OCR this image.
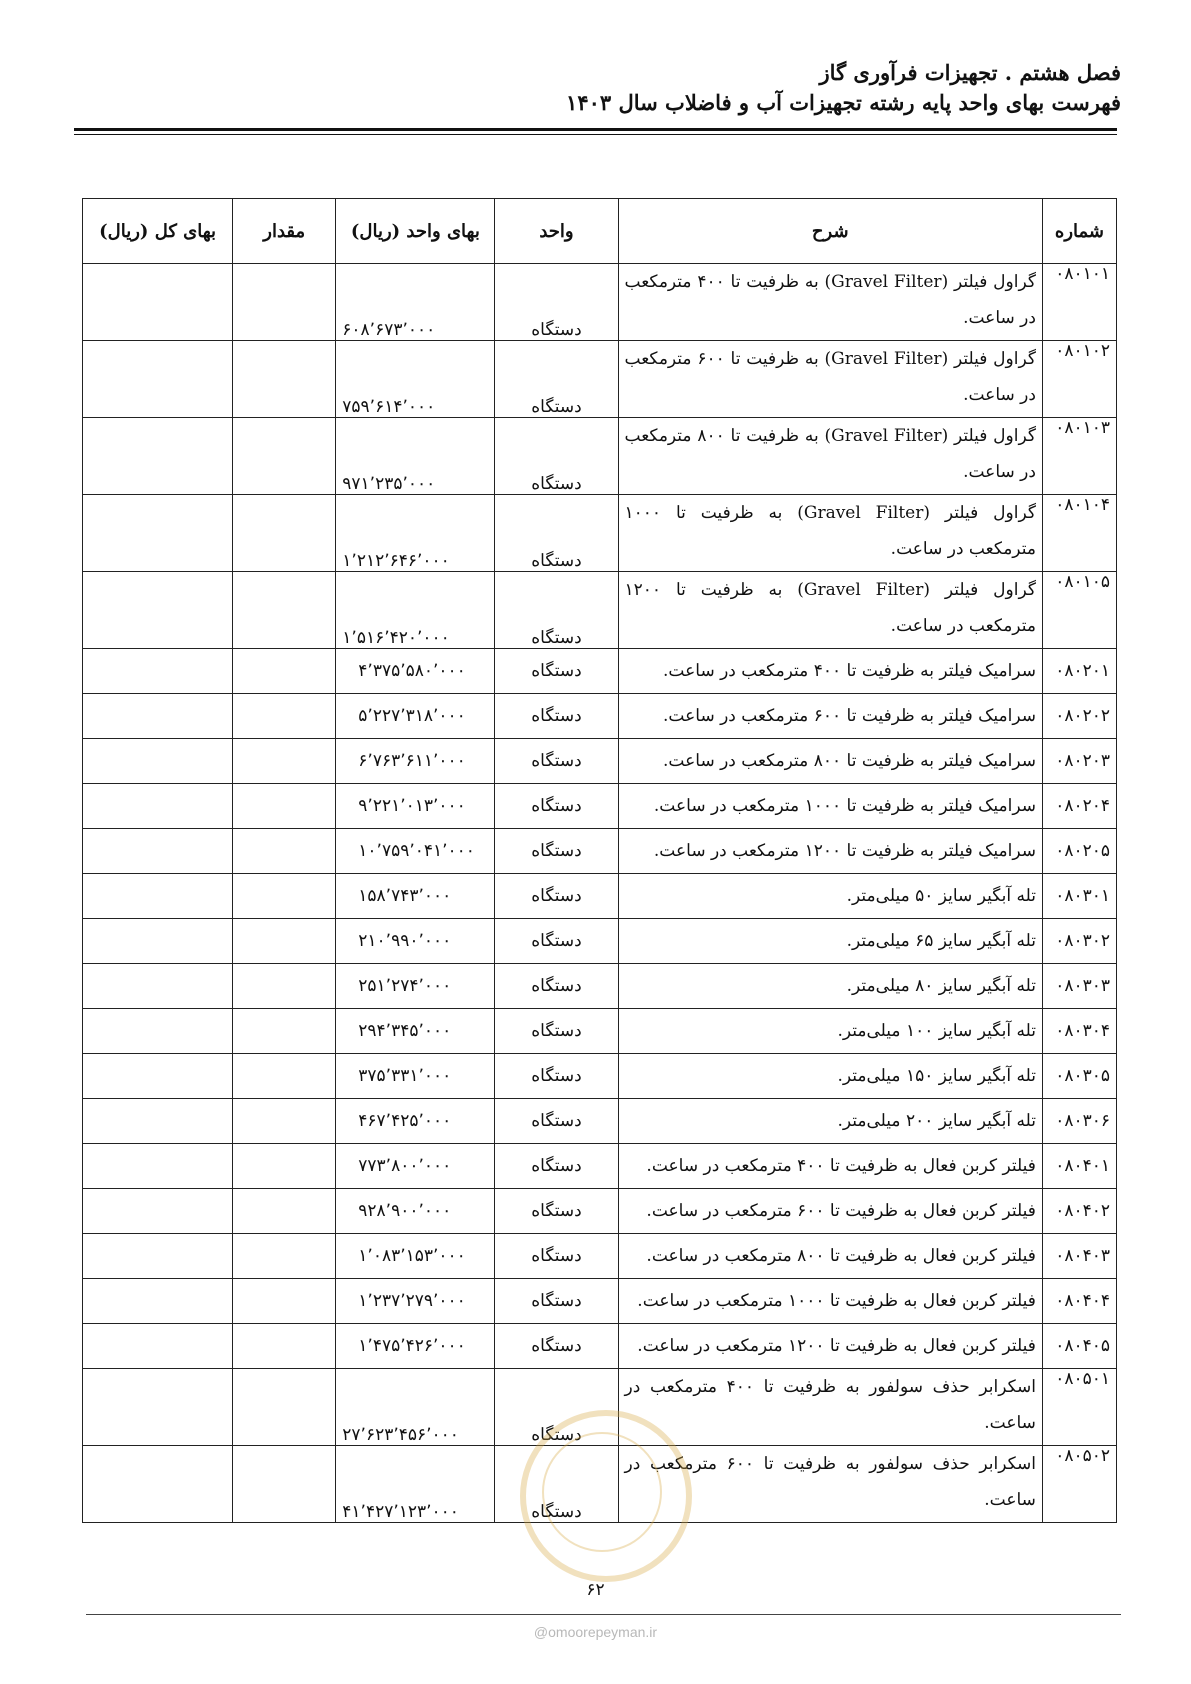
فصل هشتم . تجهیزات فرآوری گاز
فهرست بهای واحد پایه رشته تجهیزات آب و فاضلاب سال ۱۴۰۳
شماره	شرح	واحد	بهای واحد (ریال)	مقدار	بهای کل (ریال)
۰۸۰۱۰۱	گراول فیلتر (Gravel Filter) به ظرفیت تا ۴۰۰ مترمکعب در ساعت.	دستگاه	۶۰۸٬۶۷۳٬۰۰۰		
۰۸۰۱۰۲	گراول فیلتر (Gravel Filter) به ظرفیت تا ۶۰۰ مترمکعب در ساعت.	دستگاه	۷۵۹٬۶۱۴٬۰۰۰		
۰۸۰۱۰۳	گراول فیلتر (Gravel Filter) به ظرفیت تا ۸۰۰ مترمکعب در ساعت.	دستگاه	۹۷۱٬۲۳۵٬۰۰۰		
۰۸۰۱۰۴	گراول فیلتر (Gravel Filter) به ظرفیت تا ۱۰۰۰ مترمکعب در ساعت.	دستگاه	۱٬۲۱۲٬۶۴۶٬۰۰۰		
۰۸۰۱۰۵	گراول فیلتر (Gravel Filter) به ظرفیت تا ۱۲۰۰ مترمکعب در ساعت.	دستگاه	۱٬۵۱۶٬۴۲۰٬۰۰۰		
۰۸۰۲۰۱	سرامیک فیلتر به ظرفیت تا ۴۰۰ مترمکعب در ساعت.	دستگاه	۴٬۳۷۵٬۵۸۰٬۰۰۰		
۰۸۰۲۰۲	سرامیک فیلتر به ظرفیت تا ۶۰۰ مترمکعب در ساعت.	دستگاه	۵٬۲۲۷٬۳۱۸٬۰۰۰		
۰۸۰۲۰۳	سرامیک فیلتر به ظرفیت تا ۸۰۰ مترمکعب در ساعت.	دستگاه	۶٬۷۶۳٬۶۱۱٬۰۰۰		
۰۸۰۲۰۴	سرامیک فیلتر به ظرفیت تا ۱۰۰۰ مترمکعب در ساعت.	دستگاه	۹٬۲۲۱٬۰۱۳٬۰۰۰		
۰۸۰۲۰۵	سرامیک فیلتر به ظرفیت تا ۱۲۰۰ مترمکعب در ساعت.	دستگاه	۱۰٬۷۵۹٬۰۴۱٬۰۰۰		
۰۸۰۳۰۱	تله آبگیر سایز ۵۰ میلی‌متر.	دستگاه	۱۵۸٬۷۴۳٬۰۰۰		
۰۸۰۳۰۲	تله آبگیر سایز ۶۵ میلی‌متر.	دستگاه	۲۱۰٬۹۹۰٬۰۰۰		
۰۸۰۳۰۳	تله آبگیر سایز ۸۰ میلی‌متر.	دستگاه	۲۵۱٬۲۷۴٬۰۰۰		
۰۸۰۳۰۴	تله آبگیر سایز ۱۰۰ میلی‌متر.	دستگاه	۲۹۴٬۳۴۵٬۰۰۰		
۰۸۰۳۰۵	تله آبگیر سایز ۱۵۰ میلی‌متر.	دستگاه	۳۷۵٬۳۳۱٬۰۰۰		
۰۸۰۳۰۶	تله آبگیر سایز ۲۰۰ میلی‌متر.	دستگاه	۴۶۷٬۴۲۵٬۰۰۰		
۰۸۰۴۰۱	فیلتر کربن فعال به ظرفیت تا ۴۰۰ مترمکعب در ساعت.	دستگاه	۷۷۳٬۸۰۰٬۰۰۰		
۰۸۰۴۰۲	فیلتر کربن فعال به ظرفیت تا ۶۰۰ مترمکعب در ساعت.	دستگاه	۹۲۸٬۹۰۰٬۰۰۰		
۰۸۰۴۰۳	فیلتر کربن فعال به ظرفیت تا ۸۰۰ مترمکعب در ساعت.	دستگاه	۱٬۰۸۳٬۱۵۳٬۰۰۰		
۰۸۰۴۰۴	فیلتر کربن فعال به ظرفیت تا ۱۰۰۰ مترمکعب در ساعت.	دستگاه	۱٬۲۳۷٬۲۷۹٬۰۰۰		
۰۸۰۴۰۵	فیلتر کربن فعال به ظرفیت تا ۱۲۰۰ مترمکعب در ساعت.	دستگاه	۱٬۴۷۵٬۴۲۶٬۰۰۰		
۰۸۰۵۰۱	اسکرابر حذف سولفور به ظرفیت تا ۴۰۰ مترمکعب در ساعت.	دستگاه	۲۷٬۶۲۳٬۴۵۶٬۰۰۰		
۰۸۰۵۰۲	اسکرابر حذف سولفور به ظرفیت تا ۶۰۰ مترمکعب در ساعت.	دستگاه	۴۱٬۴۲۷٬۱۲۳٬۰۰۰		
۶۲
@omoorepeyman.ir
